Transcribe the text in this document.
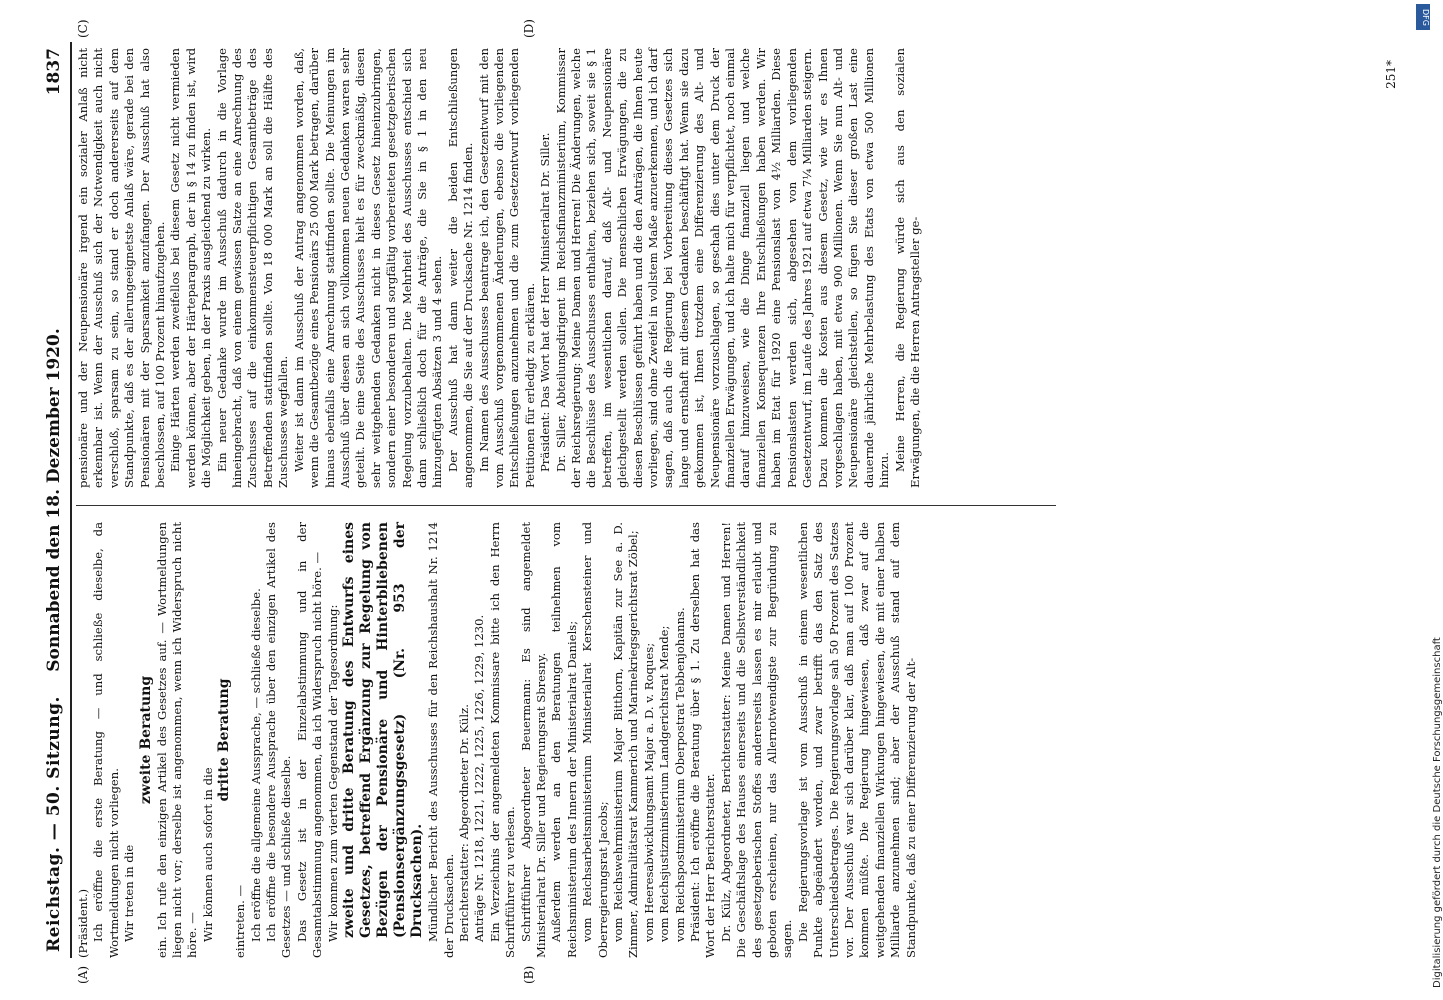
Reichstag. — 50. Sitzung.
Sonnabend den 18. Dezember 1920.
1837
(A)	(B)
(C)	(D)

(Präsident.) Ich eröffne die erste Beratung — und schließe dieselbe, da Wortmeldungen nicht vorliegen. Wir treten in die

zweite Beratung ein. Ich rufe den einzigen Artikel des Gesetzes auf. — Wortmeldungen liegen nicht vor; derselbe ist angenommen, wenn ich Widerspruch nicht höre. — Wir können auch sofort in die

dritte Beratung

eintreten. — Ich eröffne die allgemeine Aussprache, — schließe dieselbe. Ich eröffne die besondere Aussprache über den einzigen Artikel des Gesetzes — und schließe dieselbe. Das Gesetz ist in der Einzelabstimmung und in der Gesamtabstimmung angenommen, da ich Widerspruch nicht höre. — Wir kommen zum vierten Gegenstand der Tagesordnung: zweite und dritte Beratung des Entwurfs eines Gesetzes, betreffend Ergänzung zur Regelung von Bezügen der Pensionäre und Hinterbliebenen (Pensionsergänzungsgesetz) (Nr. 953 der Drucksachen). Mündlicher Bericht des Ausschusses für den Reichshaushalt Nr. 1214 der Drucksachen. Berichterstatter: Abgeordneter Dr. Külz. Anträge Nr. 1218, 1221, 1222, 1225, 1226, 1229, 1230. Ein Verzeichnis der angemeldeten Kommissare bitte ich den Herrn Schriftführer zu verlesen. Schriftführer Abgeordneter Beuermann: Es sind angemeldet Ministerialrat Dr. Siller und Regierungsrat Sbresny. Außerdem werden an den Beratungen teilnehmen vom Reichsministerium des Innern der Ministerialrat Daniels; vom Reichsarbeitsministerium Ministerialrat Kerschensteiner und Oberregierungsrat Jacobs; vom Reichswehrministerium Major Bitthorn, Kapitän zur See a. D. Zimmer, Admiralitätsrat Kammerich und Marinekriegsgerichtsrat Zöbel; vom Heeresabwicklungsamt Major a. D. v. Roques; vom Reichsjustizministerium Landgerichtsrat Mende; vom Reichspostministerium Oberpostrat Tebbenjohanns. Präsident: Ich eröffne die Beratung über § 1. Zu derselben hat das Wort der Herr Berichterstatter. Dr. Külz, Abgeordneter, Berichterstatter: Meine Damen und Herren! Die Geschäftslage des Hauses einerseits und die Selbstverständlichkeit des gesetzgeberischen Stoffes andererseits lassen es mir erlaubt und geboten erscheinen, nur das Allernotwendigste zur Begründung zu sagen. Die Regierungsvorlage ist vom Ausschuß in einem wesentlichen Punkte abgeändert worden, und zwar betrifft das den Satz des Unterschiedsbetrages. Die Regierungsvorlage sah 50 Prozent des Satzes vor. Der Ausschuß war sich darüber klar, daß man auf 100 Prozent kommen müßte. Die Regierung hingewiesen, daß zwar auf die weitgehenden finanziellen Wirkungen hingewiesen, die mit einer halben Milliarde anzunehmen sind; aber der Ausschuß stand auf dem Standpunkte, daß zu einer Differenzierung der Alt-

pensionäre und der Neupensionäre irgend ein sozialer Anlaß nicht erkennbar ist. Wenn der Ausschuß sich der Notwendigkeit auch nicht verschloß, sparsam zu sein, so stand er doch andererseits auf dem Standpunkte, daß es der allerungeeignetste Anlaß wäre, gerade bei den Pensionären mit der Sparsamkeit anzufangen. Der Ausschuß hat also beschlossen, auf 100 Prozent hinaufzugehen. Einige Härten werden zweifellos bei diesem Gesetz nicht vermieden werden können, aber der Härteparagraph, der in § 14 zu finden ist, wird die Möglichkeit geben, in der Praxis ausgleichend zu wirken. Ein neuer Gedanke wurde im Ausschuß dadurch in die Vorlage hineingebracht, daß von einem gewissen Satze an eine Anrechnung des Zuschusses auf die einkommensteuerpflichtigen Gesamtbeträge des Betreffenden stattfinden sollte. Von 18 000 Mark an soll die Hälfte des Zuschusses wegfallen. Weiter ist dann im Ausschuß der Antrag angenommen worden, daß, wenn die Gesamtbezüge eines Pensionärs 25 000 Mark betragen, darüber hinaus ebenfalls eine Anrechnung stattfinden sollte. Die Meinungen im Ausschuß über diesen an sich vollkommen neuen Gedanken waren sehr geteilt. Die eine Seite des Ausschusses hielt es für zweckmäßig, diesen sehr weitgehenden Gedanken nicht in dieses Gesetz hineinzubringen, sondern einer besonderen und sorgfältig vorbereiteten gesetzgeberischen Regelung vorzubehalten. Die Mehrheit des Ausschusses entschied sich dann schließlich doch für die Anträge, die Sie in § 1 in den neu hinzugefügten Absätzen 3 und 4 sehen. Der Ausschuß hat dann weiter die beiden Entschließungen angenommen, die Sie auf der Drucksache Nr. 1214 finden. Im Namen des Ausschusses beantrage ich, den Gesetzentwurf mit den vom Ausschuß vorgenommenen Änderungen, ebenso die vorliegenden Entschließungen anzunehmen und die zum Gesetzentwurf vorliegenden Petitionen für erledigt zu erklären. Präsident: Das Wort hat der Herr Ministerialrat Dr. Siller. Dr. Siller, Abteilungsdirigent im Reichsfinanzministerium, Kommissar der Reichsregierung: Meine Damen und Herren! Die Änderungen, welche die Beschlüsse des Ausschusses enthalten, beziehen sich, soweit sie § 1 betreffen, im wesentlichen darauf, daß Alt- und Neupensionäre gleichgestellt werden sollen. Die menschlichen Erwägungen, die zu diesen Beschlüssen geführt haben und die den Anträgen, die Ihnen heute vorliegen, sind ohne Zweifel in vollstem Maße anzuerkennen, und ich darf sagen, daß auch die Regierung bei Vorbereitung dieses Gesetzes sich lange und ernsthaft mit diesem Gedanken beschäftigt hat. Wenn sie dazu gekommen ist, Ihnen trotzdem eine Differenzierung des Alt- und Neupensionäre vorzuschlagen, so geschah dies unter dem Druck der finanziellen Erwägungen, und ich halte mich für verpflichtet, noch einmal darauf hinzuweisen, wie die Dinge finanziell liegen und welche finanziellen Konsequenzen Ihre Entschließungen haben werden. Wir haben im Etat für 1920 eine Pensionslast von 4½ Milliarden. Diese Pensionslasten werden sich, abgesehen von dem vorliegenden Gesetzentwurf, im Laufe des Jahres 1921 auf etwa 7¼ Milliarden steigern. Dazu kommen die Kosten aus diesem Gesetz, wie wir es Ihnen vorgeschlagen haben, mit etwa 900 Millionen. Wenn Sie nun Alt- und Neupensionäre gleichstellen, so fügen Sie dieser großen Last eine dauernde jährliche Mehrbelastung des Etats von etwa 500 Millionen hinzu. Meine Herren, die Regierung würde sich aus den sozialen Erwägungen, die die Herren Antragsteller ge-

251*
Digitalisierung gefördert durch die Deutsche Forschungsgemeinschaft
DFG
